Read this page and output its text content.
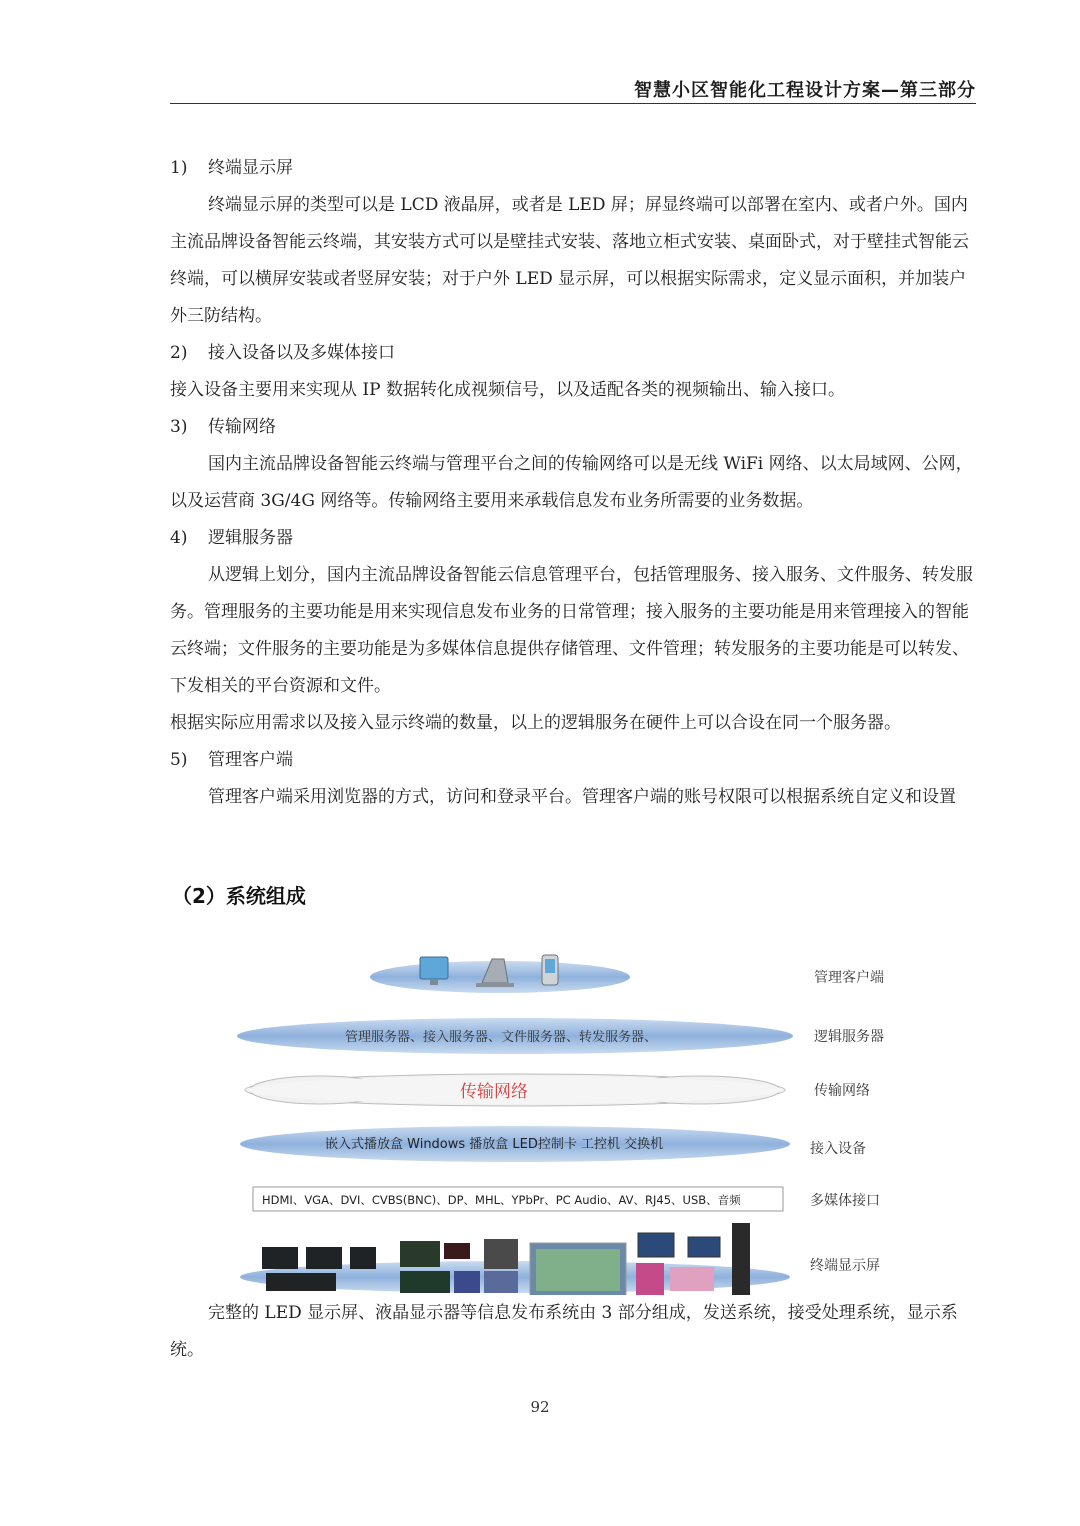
智慧小区智能化工程设计方案—第三部分
1)	终端显示屏

终端显示屏的类型可以是 LCD 液晶屏，或者是 LED 屏；屏显终端可以部署在室内、或者户外。国内主流品牌设备智能云终端，其安装方式可以是壁挂式安装、落地立柜式安装、桌面卧式，对于壁挂式智能云终端，可以横屏安装或者竖屏安装；对于户外 LED 显示屏，可以根据实际需求，定义显示面积，并加装户外三防结构。

2)	接入设备以及多媒体接口

接入设备主要用来实现从 IP 数据转化成视频信号，以及适配各类的视频输出、输入接口。

3)	传输网络

国内主流品牌设备智能云终端与管理平台之间的传输网络可以是无线 WiFi 网络、以太局域网、公网，以及运营商 3G/4G 网络等。传输网络主要用来承载信息发布业务所需要的业务数据。

4)	逻辑服务器

从逻辑上划分，国内主流品牌设备智能云信息管理平台，包括管理服务、接入服务、文件服务、转发服务。管理服务的主要功能是用来实现信息发布业务的日常管理；接入服务的主要功能是用来管理接入的智能云终端；文件服务的主要功能是为多媒体信息提供存储管理、文件管理；转发服务的主要功能是可以转发、下发相关的平台资源和文件。

根据实际应用需求以及接入显示终端的数量，以上的逻辑服务在硬件上可以合设在同一个服务器。

5)	管理客户端

管理客户端采用浏览器的方式，访问和登录平台。管理客户端的账号权限可以根据系统自定义和设置

（2）系统组成
管理客户端
管理服务器、接入服务器、文件服务器、转发服务器、	逻辑服务器
传输网络	传输网络
嵌入式播放盒 Windows 播放盒 LED控制卡 工控机 交换机	接入设备
HDMI、VGA、DVI、CVBS(BNC)、DP、MHL、YPbPr、PC Audio、AV、RJ45、USB、音频	多媒体接口
终端显示屏

完整的 LED 显示屏、液晶显示器等信息发布系统由 3 部分组成，发送系统，接受处理系统，显示系统。

92
